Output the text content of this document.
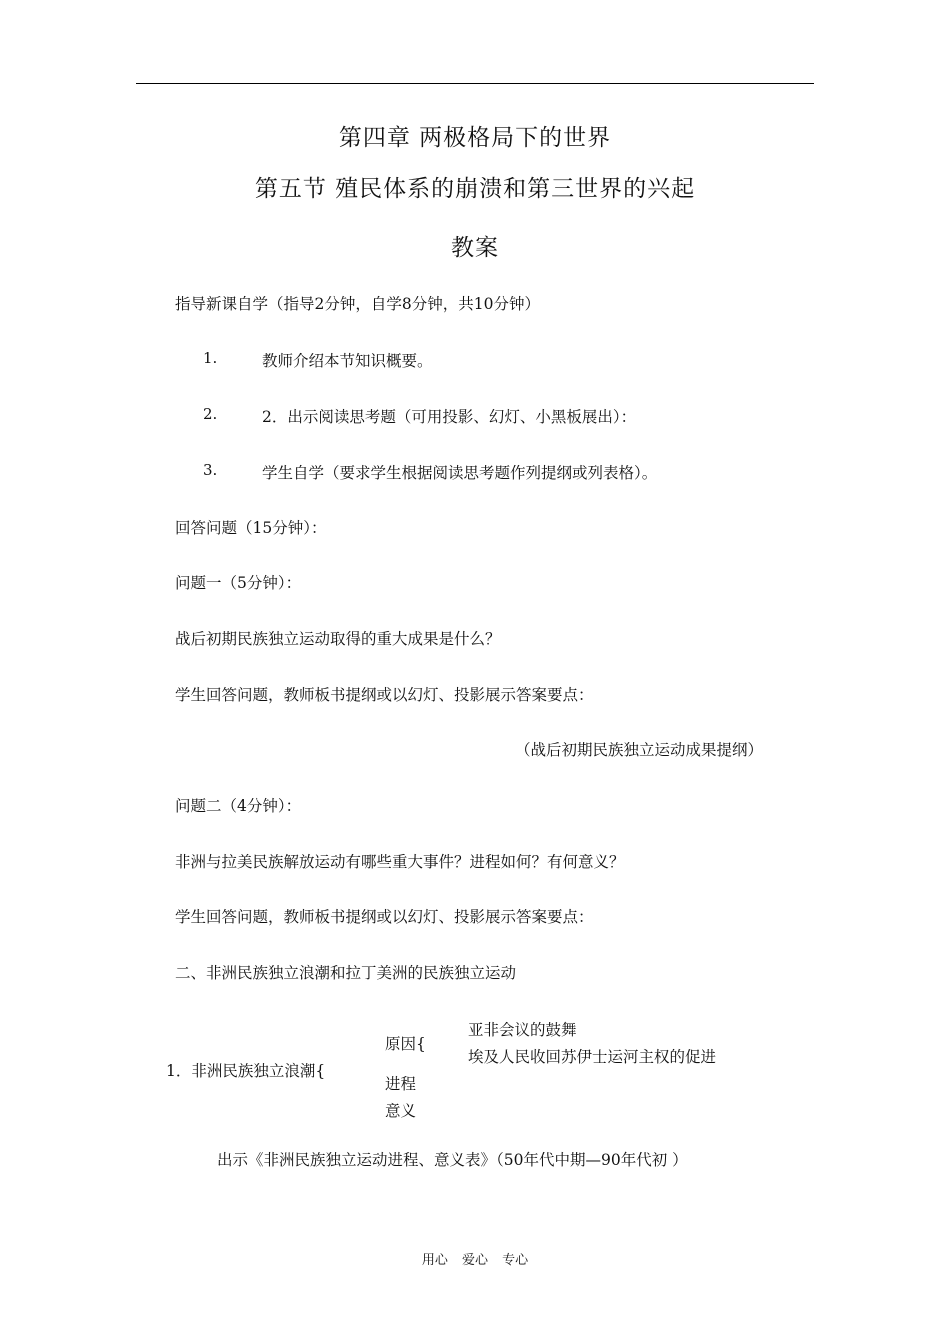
第四章 两极格局下的世界
第五节 殖民体系的崩溃和第三世界的兴起
教案
指导新课自学（指导2分钟，自学8分钟，共10分钟）
1.	教师介绍本节知识概要。
2.	2．出示阅读思考题（可用投影、幻灯、小黑板展出）：
3.	学生自学（要求学生根据阅读思考题作列提纲或列表格）。
回答问题（15分钟）：
问题一（5分钟）：
战后初期民族独立运动取得的重大成果是什么？
学生回答问题，教师板书提纲或以幻灯、投影展示答案要点：
（战后初期民族独立运动成果提纲）
问题二（4分钟）：
非洲与拉美民族解放运动有哪些重大事件？进程如何？有何意义？
学生回答问题，教师板书提纲或以幻灯、投影展示答案要点：
二、非洲民族独立浪潮和拉丁美洲的民族独立运动
1．非洲民族独立浪潮{
原因{
亚非会议的鼓舞
埃及人民收回苏伊士运河主权的促进
进程
意义
出示《非洲民族独立运动进程、意义表》（50年代中期—90年代初 ）
用心 爱心 专心
